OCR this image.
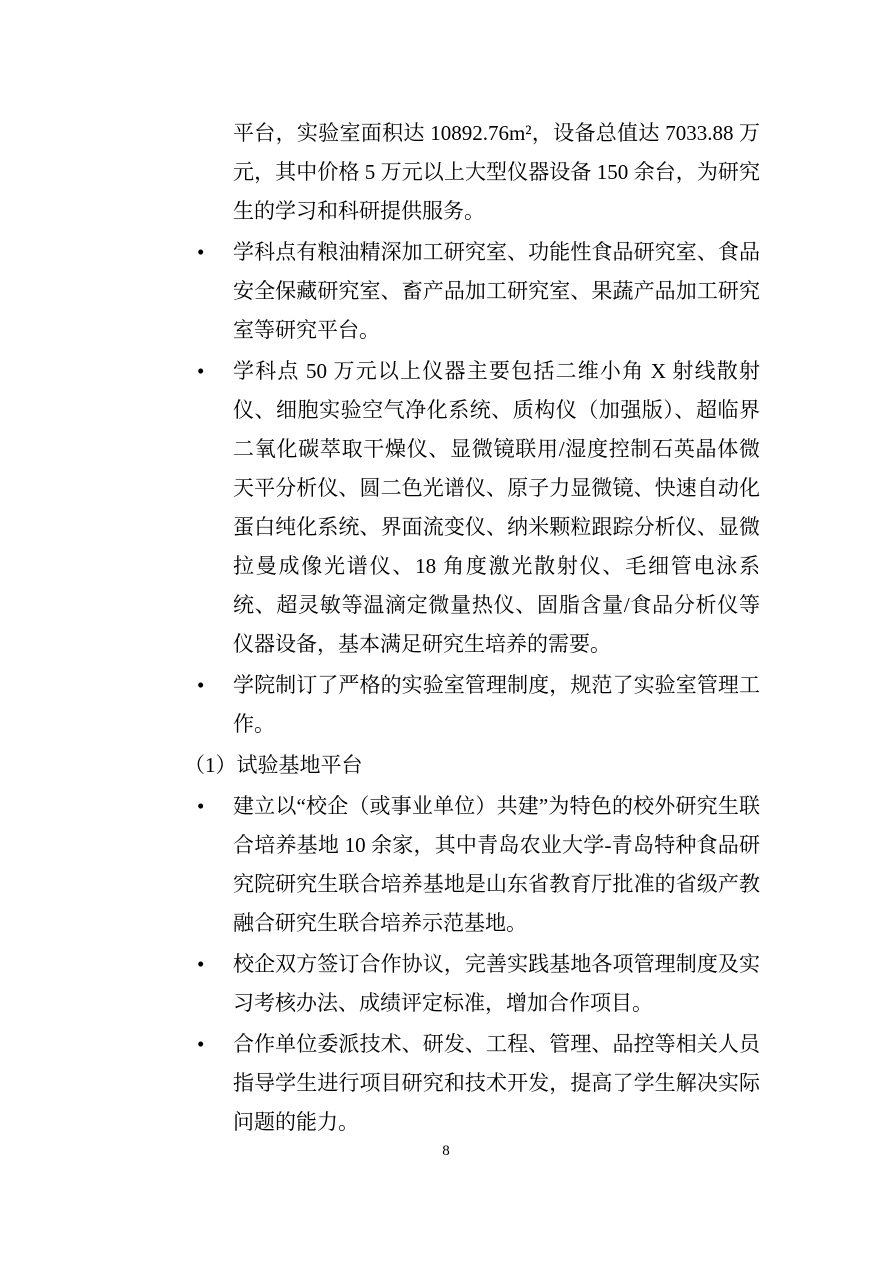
平台，实验室面积达 10892.76m²，设备总值达 7033.88 万元，其中价格 5 万元以上大型仪器设备 150 余台，为研究生的学习和科研提供服务。
• 学科点有粮油精深加工研究室、功能性食品研究室、食品安全保藏研究室、畜产品加工研究室、果蔬产品加工研究室等研究平台。
• 学科点 50 万元以上仪器主要包括二维小角 X 射线散射仪、细胞实验空气净化系统、质构仪（加强版）、超临界二氧化碳萃取干燥仪、显微镜联用/湿度控制石英晶体微天平分析仪、圆二色光谱仪、原子力显微镜、快速自动化蛋白纯化系统、界面流变仪、纳米颗粒跟踪分析仪、显微拉曼成像光谱仪、18 角度激光散射仪、毛细管电泳系统、超灵敏等温滴定微量热仪、固脂含量/食品分析仪等仪器设备，基本满足研究生培养的需要。
• 学院制订了严格的实验室管理制度，规范了实验室管理工作。
（1）试验基地平台
• 建立以“校企（或事业单位）共建”为特色的校外研究生联合培养基地 10 余家，其中青岛农业大学-青岛特种食品研究院研究生联合培养基地是山东省教育厅批准的省级产教融合研究生联合培养示范基地。
• 校企双方签订合作协议，完善实践基地各项管理制度及实习考核办法、成绩评定标准，增加合作项目。
• 合作单位委派技术、研发、工程、管理、品控等相关人员指导学生进行项目研究和技术开发，提高了学生解决实际问题的能力。
8
